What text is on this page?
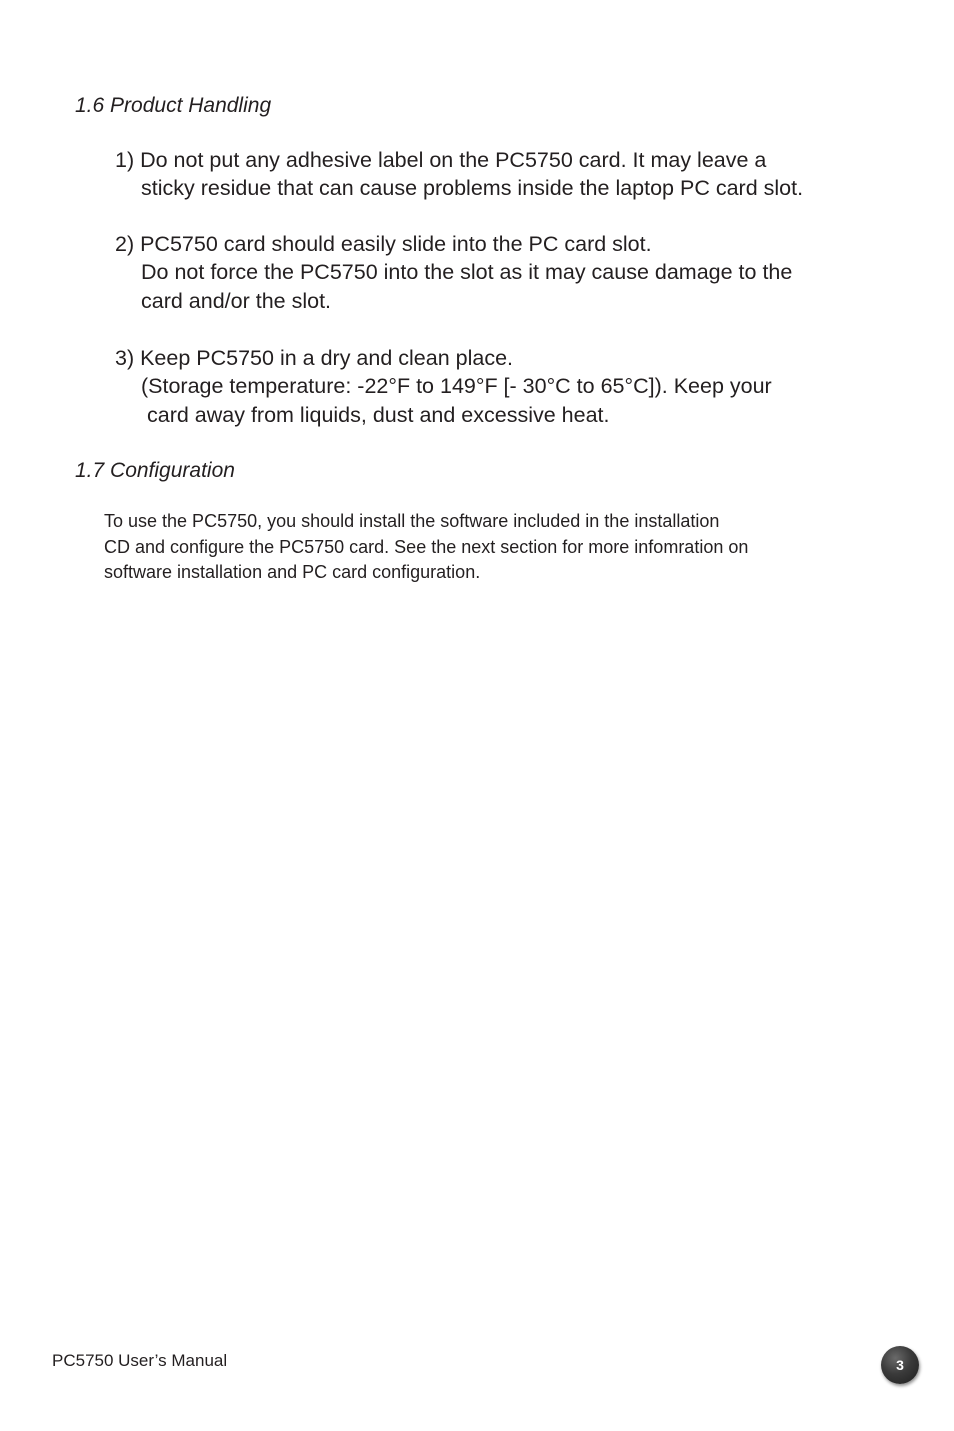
1.6 Product Handling
1) Do not put any adhesive label on the PC5750 card. It may leave a
sticky residue that can cause problems inside the laptop PC card slot.
2) PC5750 card should easily slide into the PC card slot.
Do not force the PC5750 into the slot as it may cause damage to the
card and/or the slot.
3) Keep PC5750 in a dry and clean place.
(Storage temperature: -22°F to 149°F [- 30°C to 65°C]). Keep your
card away from liquids, dust and excessive heat.
1.7 Configuration
To use the PC5750, you should install the software included in the installation
CD and configure the PC5750 card. See the next section for more infomration on
software installation and PC card configuration.
PC5750 User’s Manual	3
